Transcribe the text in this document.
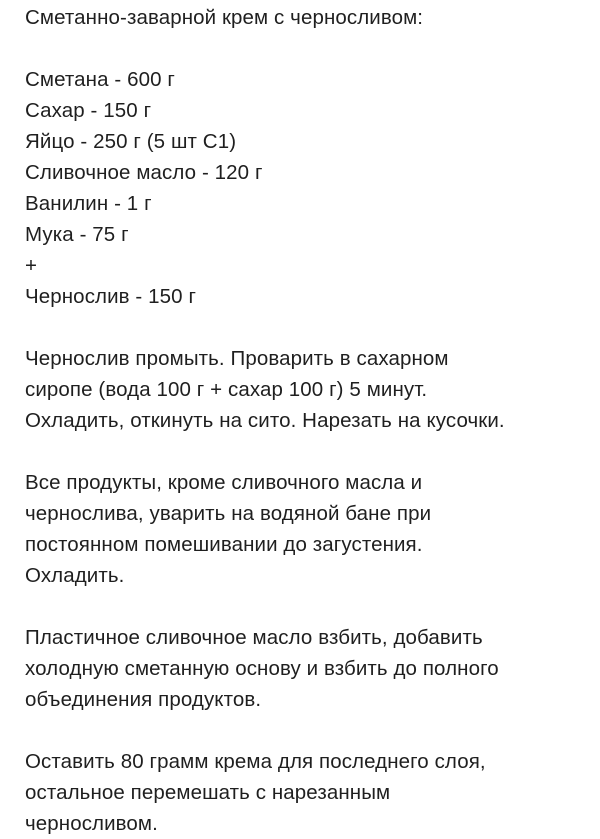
Сметанно-заварной крем с черносливом:
Сметана - 600 г
Сахар - 150 г
Яйцо - 250 г (5 шт С1)
Сливочное масло - 120 г
Ванилин - 1 г
Мука - 75 г
+
Чернослив - 150 г
Чернослив промыть. Проварить в сахарном
сиропе (вода 100 г + сахар 100 г) 5 минут.
Охладить, откинуть на сито. Нарезать на кусочки.
Все продукты, кроме сливочного масла и
чернослива, уварить на водяной бане при
постоянном помешивании до загустения.
Охладить.
Пластичное сливочное масло взбить, добавить
холодную сметанную основу и взбить до полного
объединения продуктов.
Оставить 80 грамм крема для последнего слоя,
остальное перемешать с нарезанным
черносливом.
